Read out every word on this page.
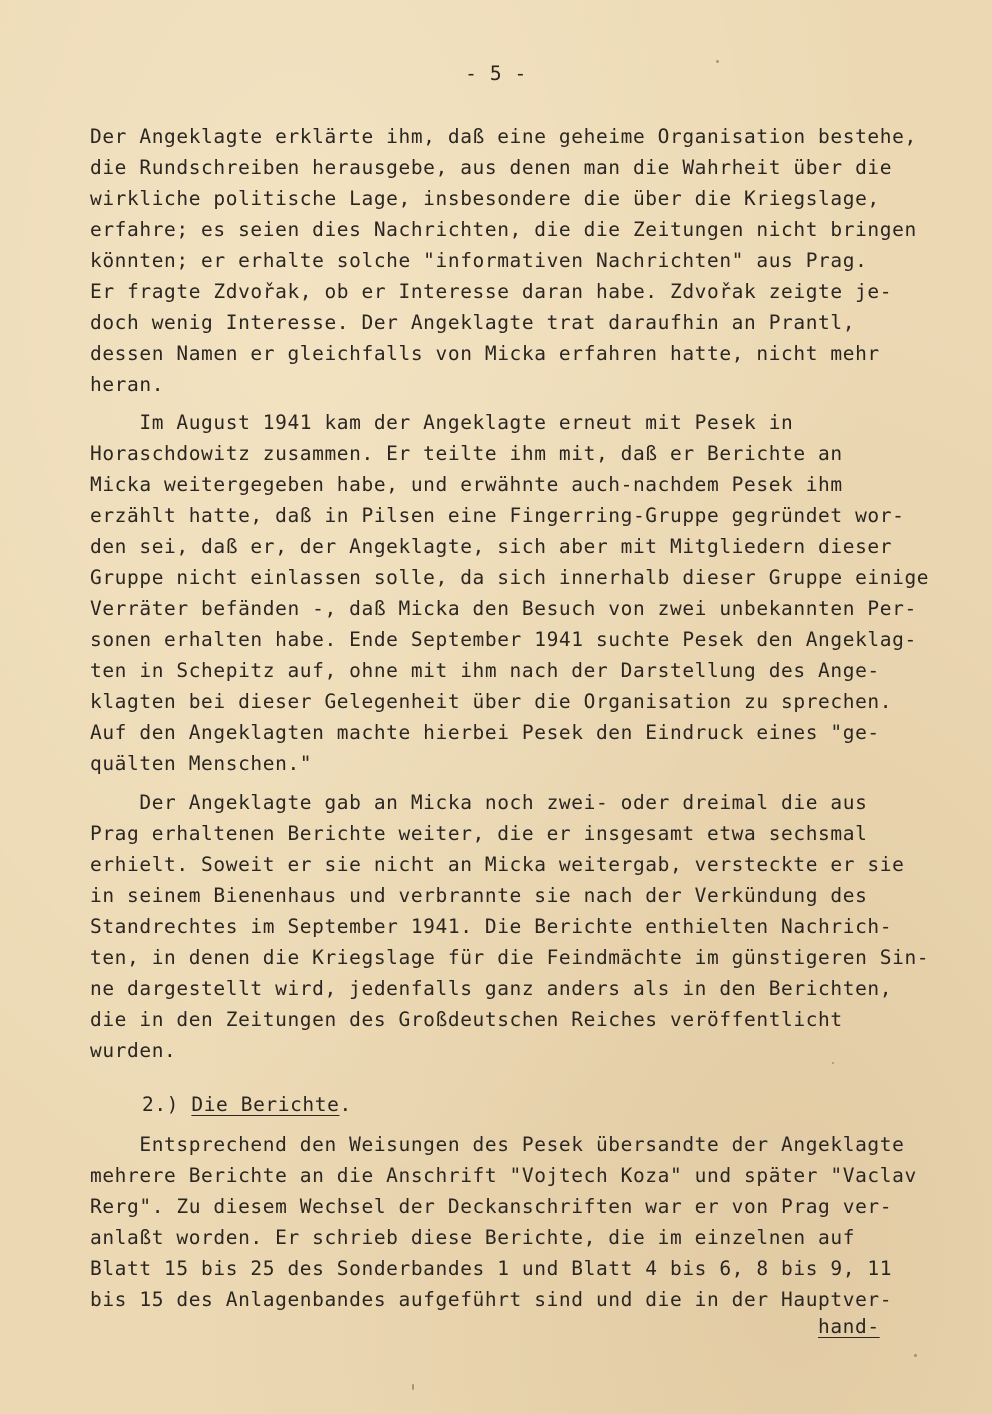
- 5 -
Der Angeklagte erklärte ihm, daß eine geheime Organisation bestehe,
die Rundschreiben herausgebe, aus denen man die Wahrheit über die
wirkliche politische Lage, insbesondere die über die Kriegslage,
erfahre; es seien dies Nachrichten, die die Zeitungen nicht bringen
könnten; er erhalte solche "informativen Nachrichten" aus Prag.
Er fragte Zdvořak, ob er Interesse daran habe. Zdvořak zeigte je-
doch wenig Interesse. Der Angeklagte trat daraufhin an Prantl,
dessen Namen er gleichfalls von Micka erfahren hatte, nicht mehr
heran.
Im August 1941 kam der Angeklagte erneut mit Pesek in
Horaschdowitz zusammen. Er teilte ihm mit, daß er Berichte an
Micka weitergegeben habe, und erwähnte auch-nachdem Pesek ihm
erzählt hatte, daß in Pilsen eine Fingerring-Gruppe gegründet wor-
den sei, daß er, der Angeklagte, sich aber mit Mitgliedern dieser
Gruppe nicht einlassen solle, da sich innerhalb dieser Gruppe einige
Verräter befänden -, daß Micka den Besuch von zwei unbekannten Per-
sonen erhalten habe. Ende September 1941 suchte Pesek den Angeklag-
ten in Schepitz auf, ohne mit ihm nach der Darstellung des Ange-
klagten bei dieser Gelegenheit über die Organisation zu sprechen.
Auf den Angeklagten machte hierbei Pesek den Eindruck eines "ge-
quälten Menschen."
Der Angeklagte gab an Micka noch zwei- oder dreimal die aus
Prag erhaltenen Berichte weiter, die er insgesamt etwa sechsmal
erhielt. Soweit er sie nicht an Micka weitergab, versteckte er sie
in seinem Bienenhaus und verbrannte sie nach der Verkündung des
Standrechtes im September 1941. Die Berichte enthielten Nachrich-
ten, in denen die Kriegslage für die Feindmächte im günstigeren Sin-
ne dargestellt wird, jedenfalls ganz anders als in den Berichten,
die in den Zeitungen des Großdeutschen Reiches veröffentlicht
wurden.
2.) Die Berichte.
Entsprechend den Weisungen des Pesek übersandte der Angeklagte
mehrere Berichte an die Anschrift "Vojtech Koza" und später "Vaclav
Rerg". Zu diesem Wechsel der Deckanschriften war er von Prag ver-
anlaßt worden. Er schrieb diese Berichte, die im einzelnen auf
Blatt 15 bis 25 des Sonderbandes 1 und Blatt 4 bis 6, 8 bis 9, 11
bis 15 des Anlagenbandes aufgeführt sind und die in der Hauptver-
hand-
